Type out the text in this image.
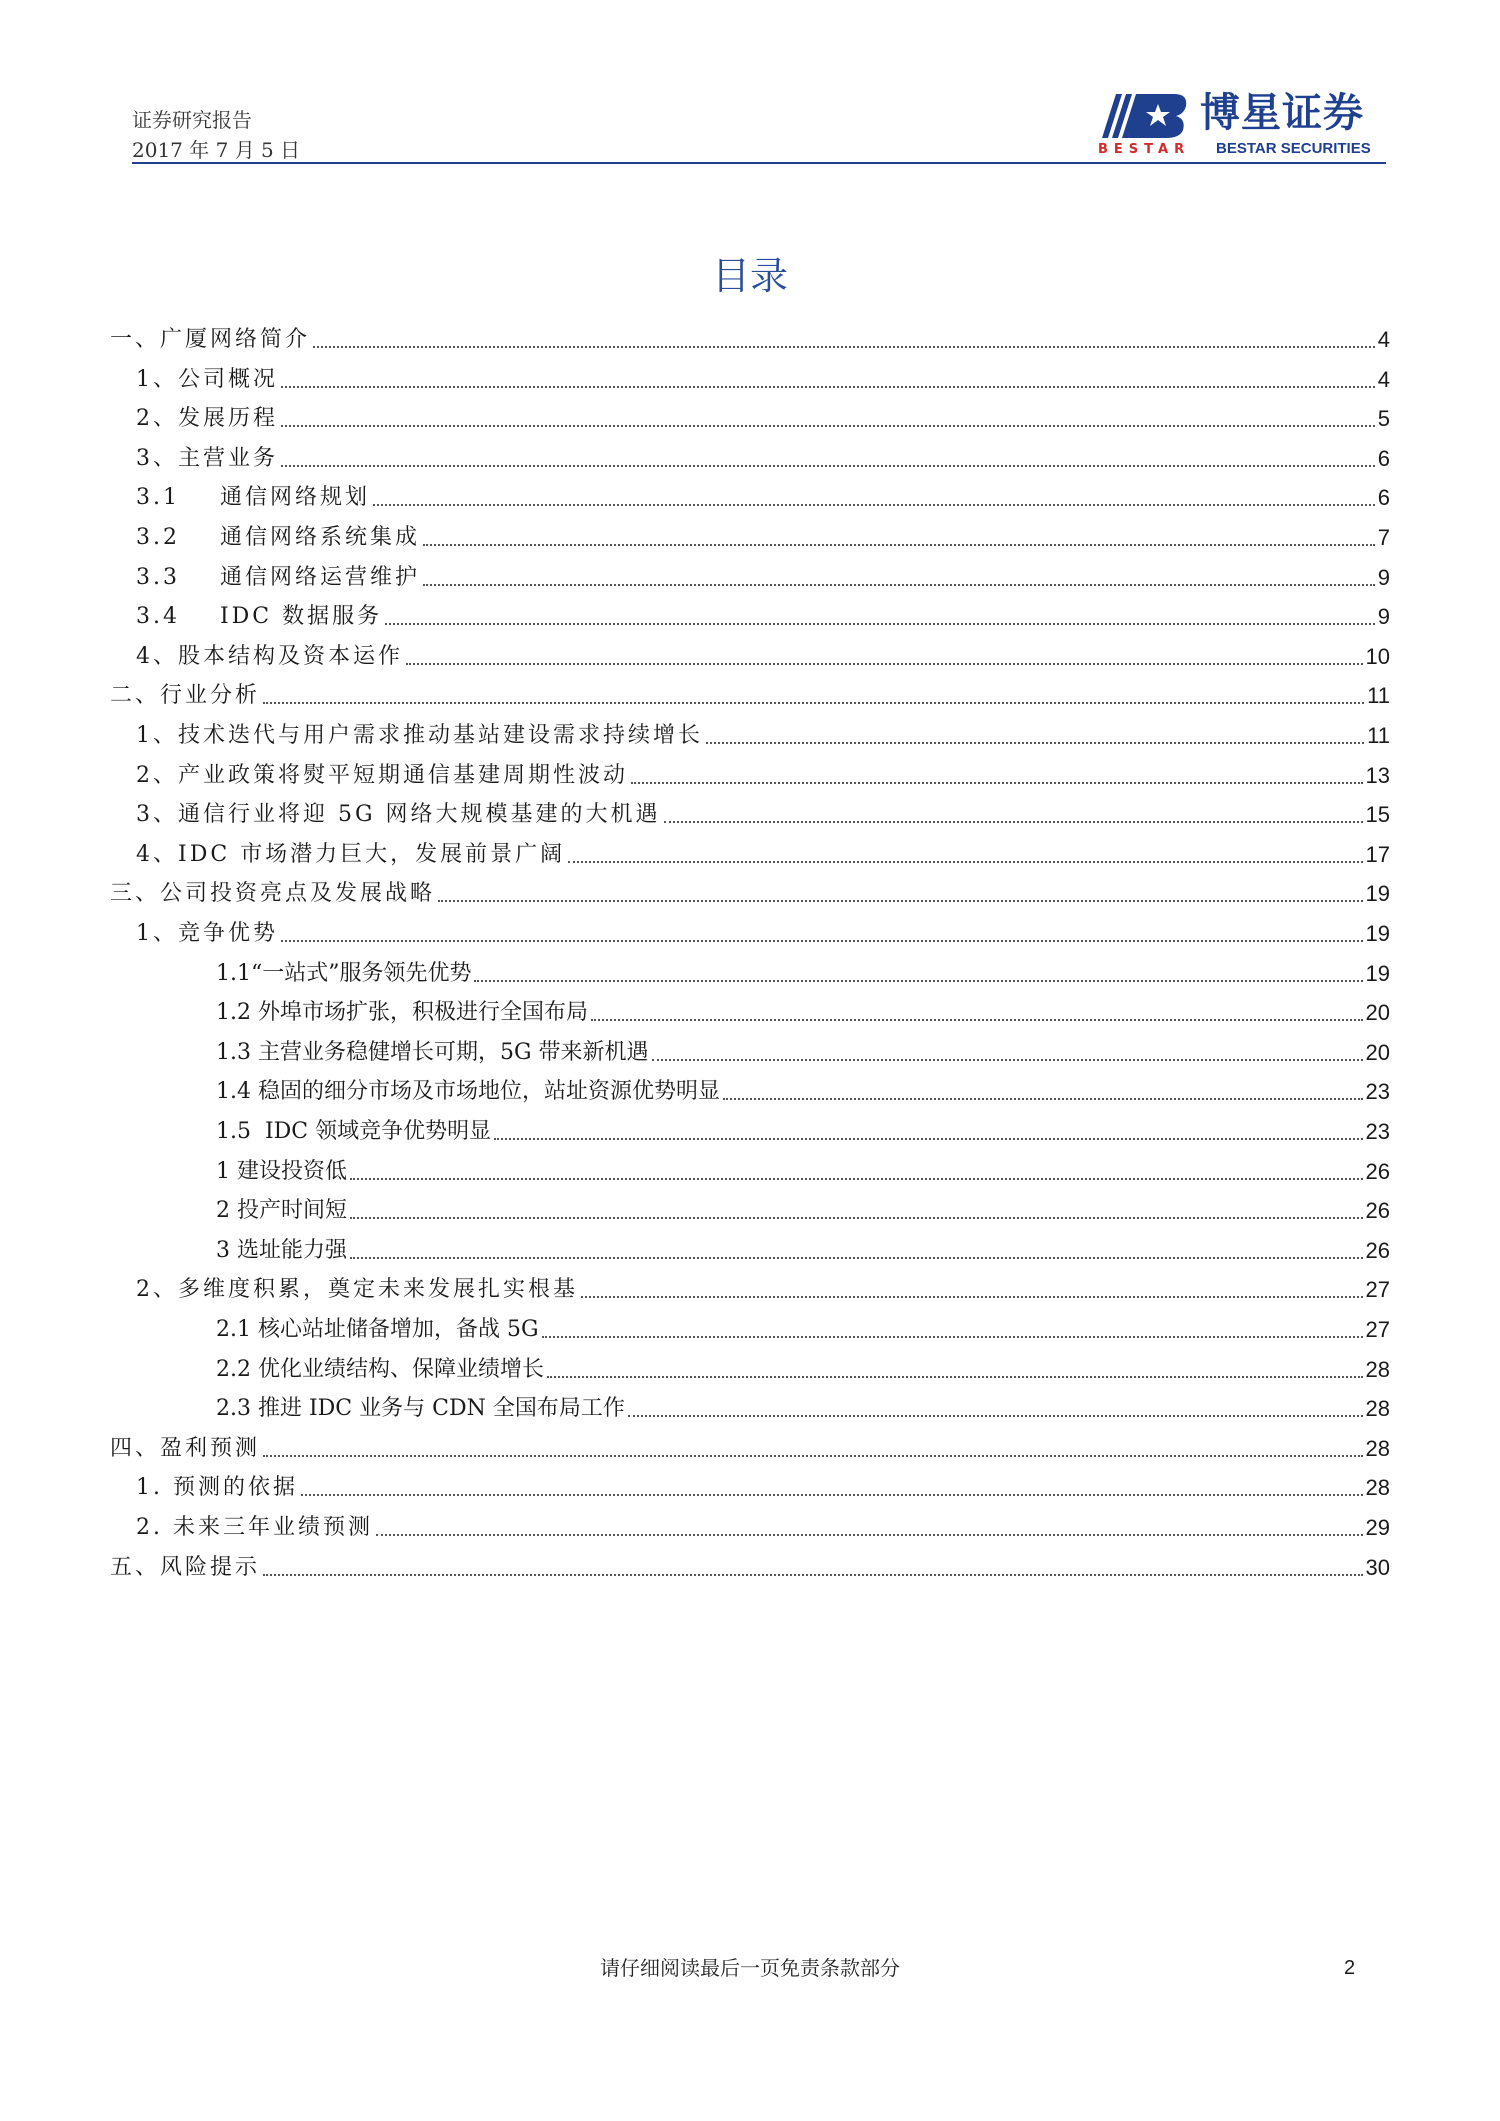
证券研究报告
2017 年 7 月 5 日
博星证券
BESTAR BESTAR SECURITIES
目录
一、广厦网络简介	4
1、公司概况	4
2、发展历程	5
3、主营业务	6
3.1    通信网络规划	6
3.2    通信网络系统集成	7
3.3    通信网络运营维护	9
3.4    IDC 数据服务	9
4、股本结构及资本运作	10
二、行业分析	11
1、技术迭代与用户需求推动基站建设需求持续增长	11
2、产业政策将熨平短期通信基建周期性波动	13
3、通信行业将迎 5G 网络大规模基建的大机遇	15
4、IDC 市场潜力巨大，发展前景广阔	17
三、公司投资亮点及发展战略	19
1、竞争优势	19
1.1“一站式”服务领先优势	19
1.2 外埠市场扩张，积极进行全国布局	20
1.3 主营业务稳健增长可期，5G 带来新机遇	20
1.4 稳固的细分市场及市场地位，站址资源优势明显	23
1.5  IDC 领域竞争优势明显	23
1 建设投资低	26
2 投产时间短	26
3 选址能力强	26
2、多维度积累，奠定未来发展扎实根基	27
2.1 核心站址储备增加，备战 5G	27
2.2 优化业绩结构、保障业绩增长	28
2.3 推进 IDC 业务与 CDN 全国布局工作	28
四、盈利预测	28
1. 预测的依据	28
2. 未来三年业绩预测	29
五、风险提示	30
请仔细阅读最后一页免责条款部分	2
